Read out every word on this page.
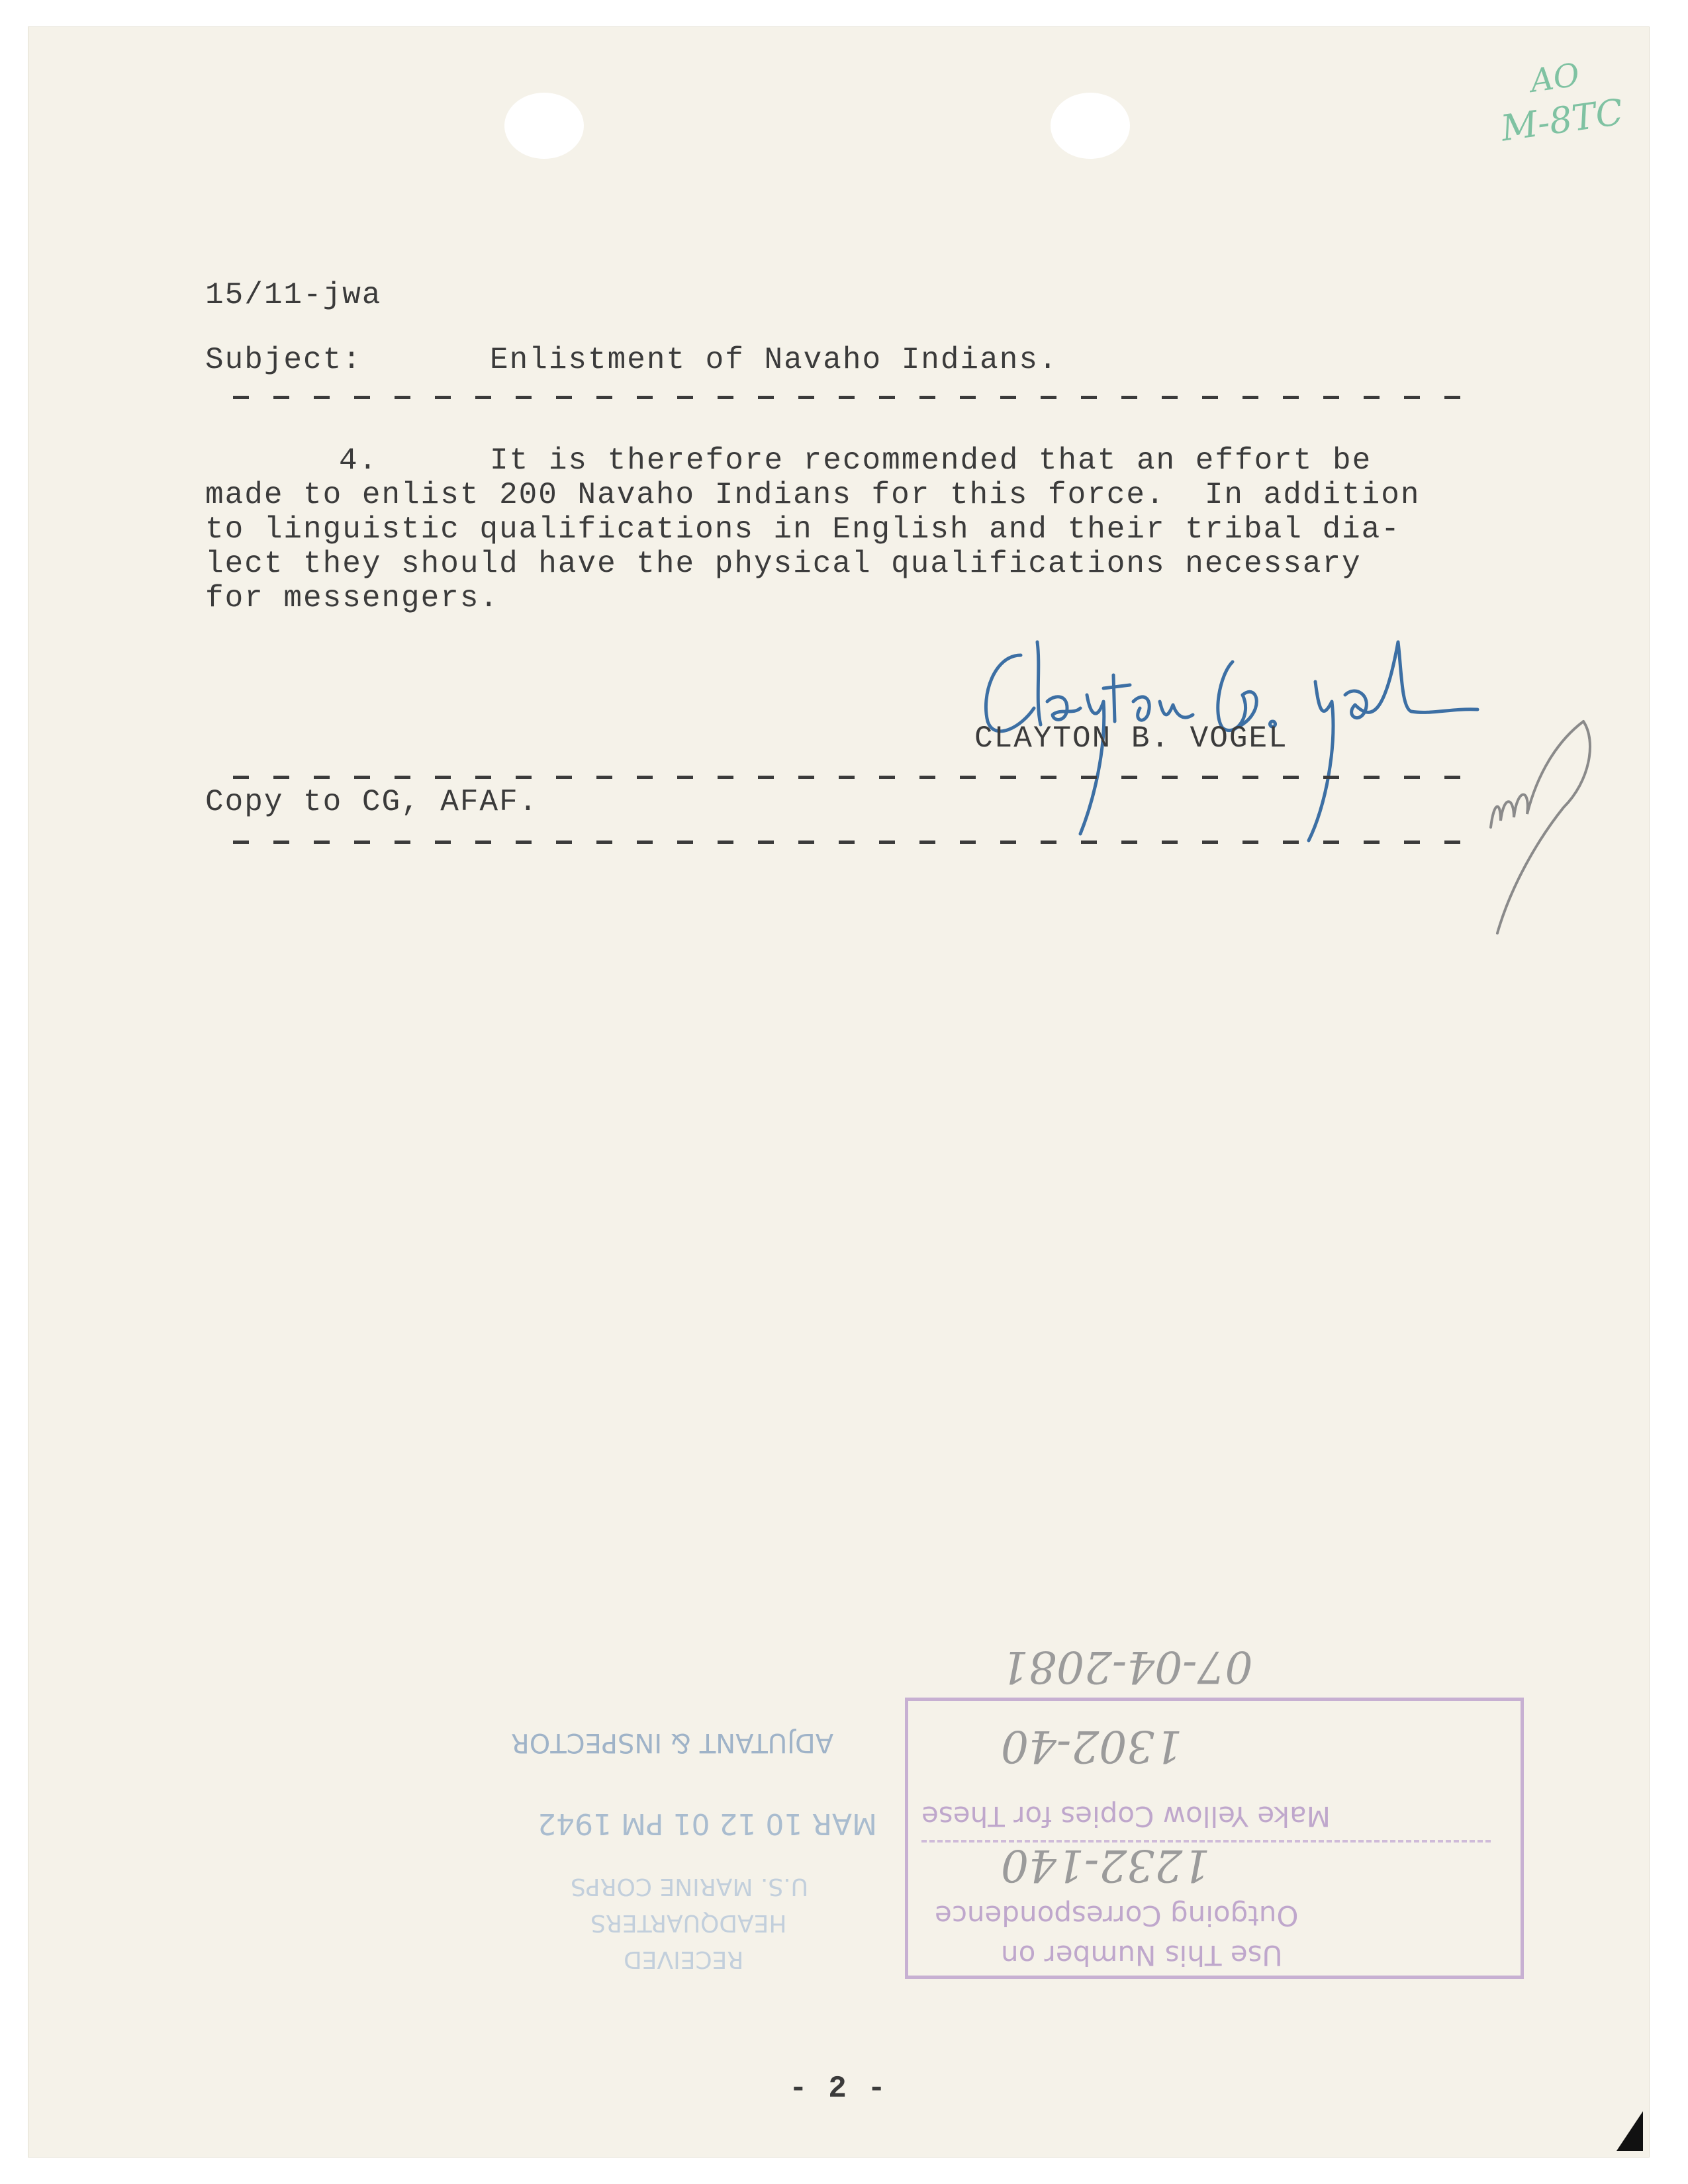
AO
M-8TC
15/11-jwa
Subject:	Enlistment of Navaho Indians.
4.	It is therefore recommended that an effort be
made to enlist 200 Navaho Indians for this force.  In addition
to linguistic qualifications in English and their tribal dia-
lect they should have the physical qualifications necessary
for messengers.
CLAYTON B. VOGEL
Copy to CG, AFAF.
ADJUTANT & INSPECTOR
MAR 10 12 01 PM 1942
U.S. MARINE CORPS
HEADQUARTERS
RECEIVED
Make Yellow Copies for These
Outgoing Correspondence
Use This Number on
07-04-2081
1302-40
1232-140
- 2 -
